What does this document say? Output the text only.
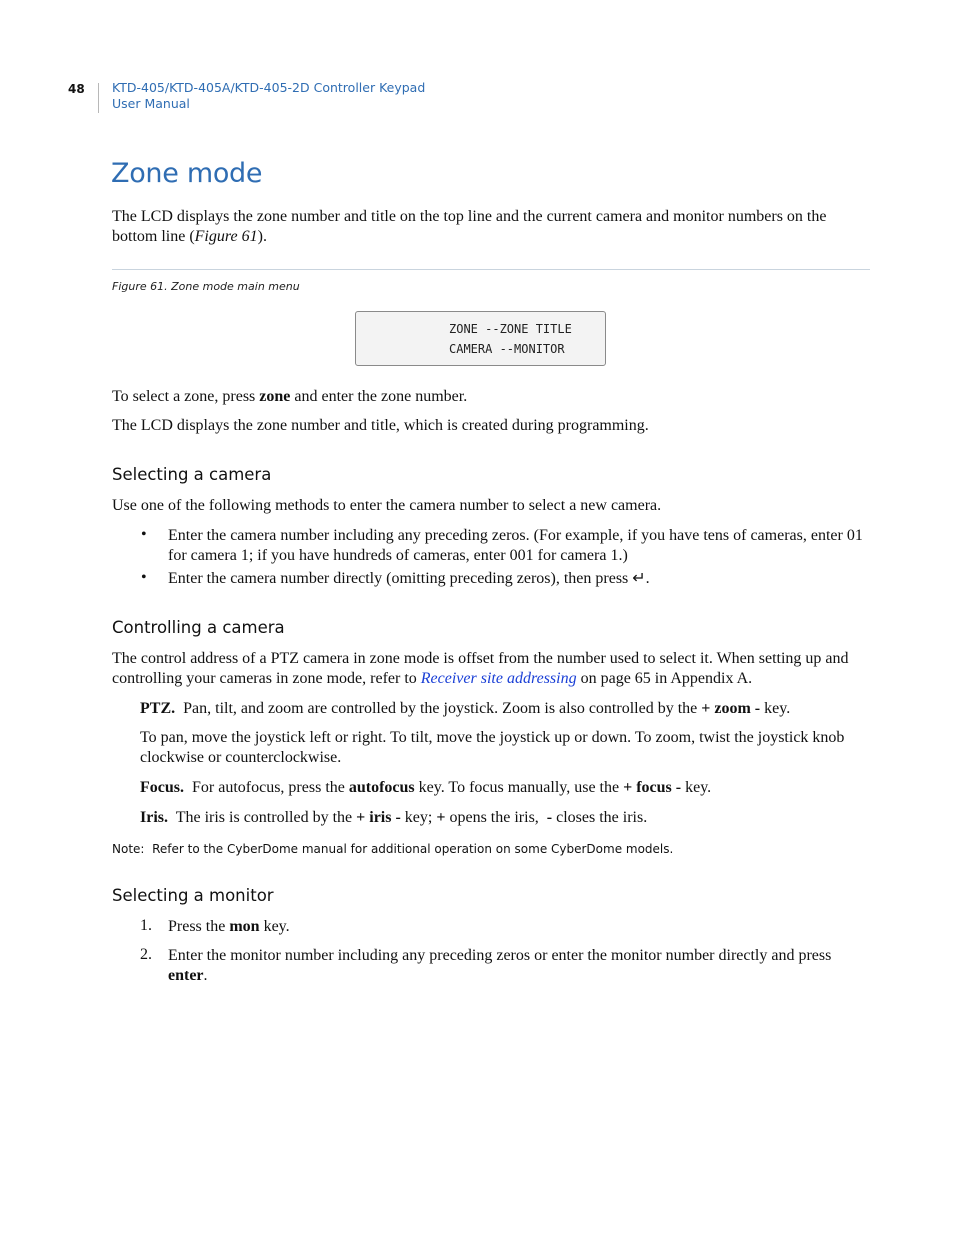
48 KTD-405/KTD-405A/KTD-405-2D Controller Keypad
User Manual
Zone mode

The LCD displays the zone number and title on the top line and the current camera and monitor numbers on the bottom line (Figure 61).

Figure 61. Zone mode main menu
ZONE --ZONE TITLE
CAMERA --MONITOR

To select a zone, press zone and enter the zone number.

The LCD displays the zone number and title, which is created during programming.

Selecting a camera

Use one of the following methods to enter the camera number to select a new camera.

• Enter the camera number including any preceding zeros. (For example, if you have tens of cameras, enter 01 for camera 1; if you have hundreds of cameras, enter 001 for camera 1.)

• Enter the camera number directly (omitting preceding zeros), then press ↵.

Controlling a camera

The control address of a PTZ camera in zone mode is offset from the number used to select it. When setting up and controlling your cameras in zone mode, refer to Receiver site addressing on page 65 in Appendix A.

PTZ.  Pan, tilt, and zoom are controlled by the joystick. Zoom is also controlled by the + zoom - key.

To pan, move the joystick left or right. To tilt, move the joystick up or down. To zoom, twist the joystick knob clockwise or counterclockwise.

Focus.  For autofocus, press the autofocus key. To focus manually, use the + focus - key.

Iris.  The iris is controlled by the + iris - key; + opens the iris,  - closes the iris.

Note:  Refer to the CyberDome manual for additional operation on some CyberDome models.
Selecting a monitor
1. Press the mon key.

2. Enter the monitor number including any preceding zeros or enter the monitor number directly and press enter.
